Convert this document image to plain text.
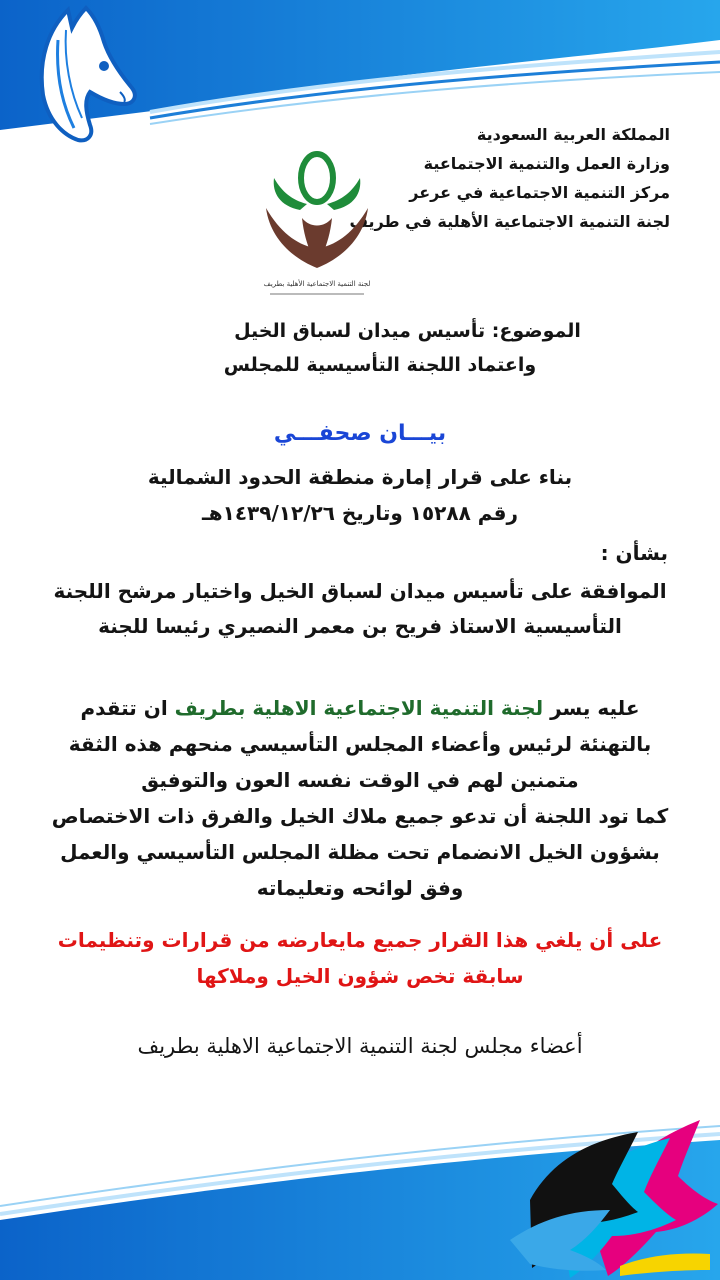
المملكة العربية السعودية
وزارة العمل والتنمية الاجتماعية
مركز التنمية الاجتماعية في عرعر
لجنة التنمية الاجتماعية الأهلية في طريف
لجنة التنمية الاجتماعية الأهلية بطريف
الموضوع: تأسيس ميدان لسباق الخيل
واعتماد اللجنة التأسيسية للمجلس
بيـــان صحفـــي
بناء على قرار إمارة منطقة الحدود الشمالية
رقم ١٥٢٨٨ وتاريخ ١٤٣٩/١٢/٢٦هـ
بشأن :
الموافقة على تأسيس ميدان لسباق الخيل واختيار مرشح اللجنة
التأسيسية الاستاذ فريح بن معمر النصيري رئيسا للجنة
عليه يسر لجنة التنمية الاجتماعية الاهلية بطريف ان تتقدم
بالتهنئة لرئيس وأعضاء المجلس التأسيسي منحهم هذه الثقة
متمنين لهم في الوقت نفسه العون والتوفيق
كما تود اللجنة أن تدعو جميع ملاك الخيل والفرق ذات الاختصاص
بشؤون الخيل الانضمام تحت مظلة المجلس التأسيسي والعمل
وفق لوائحه وتعليماته
على أن يلغي هذا القرار جميع مايعارضه من قرارات وتنظيمات
سابقة تخص شؤون الخيل وملاكها
أعضاء مجلس لجنة التنمية الاجتماعية الاهلية بطريف
